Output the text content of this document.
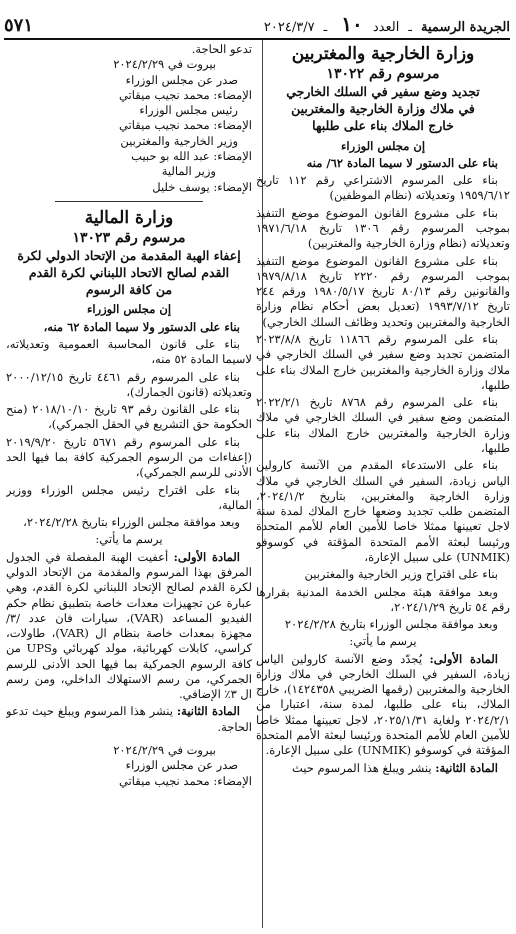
الجريدة الرسمية ـ العدد ١٠ ـ ٢٠٢٤/٣/٧
٥٧١
وزارة الخارجية والمغتربين
مرسوم رقم ١٣٠٢٢
تجديد وضع سفير في السلك الخارجي
في ملاك وزارة الخارجية والمغتربين
خارج الملاك بناء على طلبها

إن مجلس الوزراء

بناء على الدستور لا سيما المادة ٦٢/ منه

بناء على المرسوم الاشتراعي رقم ١١٢ تاريخ ١٩٥٩/٦/١٢ وتعديلاته (نظام الموظفين)

بناء على مشروع القانون الموضوع موضع التنفيذ بموجب المرسوم رقم ١٣٠٦ تاريخ ١٩٧١/٦/١٨ وتعديلاته (نظام وزارة الخارجية والمغتربين)

بناء على مشروع القانون الموضوع موضع التنفيذ بموجب المرسوم رقم ٢٢٢٠ تاريخ ١٩٧٩/٨/١٨ والقانونين رقم ٨٠/١٣ تاريخ ١٩٨٠/٥/١٧ ورقم ٢٤٤ تاريخ ١٩٩٣/٧/١٢ (تعديل بعض أحكام نظام وزارة الخارجية والمغتربين وتحديد وظائف السلك الخارجي)

بناء على المرسوم رقم ١١٨٦٦ تاريخ ٢٠٢٣/٨/٨ المتضمن تجديد وضع سفير في السلك الخارجي في ملاك وزارة الخارجية والمغتربين خارج الملاك بناء على طلبها،

بناء على المرسوم رقم ٨٧٦٨ تاريخ ٢٠٢٢/٢/١ المتضمن وضع سفير في السلك الخارجي في ملاك وزارة الخارجية والمغتربين خارج الملاك بناء على طلبها،

بناء على الاستدعاء المقدم من الآنسة كارولين الياس زيادة، السفير في السلك الخارجي في ملاك وزارة الخارجية والمغتربين، بتاريخ ٢٠٢٤/١/٢، المتضمن طلب تجديد وضعها خارج الملاك لمدة سنة لاجل تعيينها ممثلا خاصا للأمين العام للأمم المتحدة ورئيسا لبعثة الأمم المتحدة المؤقتة في كوسوفو (UNMIK) على سبيل الإعارة،

بناء على اقتراح وزير الخارجية والمغتربين

وبعد موافقة هيئة مجلس الخدمة المدنية بقرارها رقم ٥٤ تاريخ ٢٠٢٤/١/٢٩،

وبعد موافقة مجلس الوزراء بتاريخ ٢٠٢٤/٢/٢٨

يرسم ما يأتي:

المادة الأولى: يُجدّد وضع الآنسة كارولين الياس زيادة، السفير في السلك الخارجي في ملاك وزارة الخارجية والمغتربين (رقمها الضريبي ١٤٢٤٣٥٨)، خارج الملاك، بناء على طلبها، لمدة سنة، اعتبارا من ٢٠٢٤/٢/١ ولغاية ٢٠٢٥/١/٣١، لاجل تعيينها ممثلا خاصا للأمين العام للأمم المتحدة ورئيسا لبعثة الأمم المتحدة المؤقتة في كوسوفو (UNMIK) على سبيل الإعارة.

المادة الثانية: ينشر ويبلغ هذا المرسوم حيث

تدعو الحاجة.

بيروت في ٢٠٢٤/٢/٢٩

صدر عن مجلس الوزراء

الإمضاء: محمد نجيب ميقاتي

رئيس مجلس الوزراء

الإمضاء: محمد نجيب ميقاتي

وزير الخارجية والمغتربين

الإمضاء: عبد الله بو حبيب

وزير المالية

الإمضاء: يوسف خليل

وزارة المالية
مرسوم رقم ١٣٠٢٣
إعفاء الهبة المقدمة من الإتحاد الدولي لكرة
القدم لصالح الاتحاد اللبناني لكرة القدم
من كافة الرسوم

إن مجلس الوزراء

بناء على الدستور ولا سيما المادة ٦٢ منه،

بناء على قانون المحاسبة العمومية وتعديلاته، لاسيما المادة ٥٢ منه،

بناء على المرسوم رقم ٤٤٦١ تاريخ ٢٠٠٠/١٢/١٥ وتعديلاته (قانون الجمارك)،

بناء على القانون رقم ٩٣ تاريخ ٢٠١٨/١٠/١٠ (منح الحكومة حق التشريع في الحقل الجمركي)،

بناء على المرسوم رقم ٥٦٧١ تاريخ ٢٠١٩/٩/٢٠ (إعفاءات من الرسوم الجمركية كافة بما فيها الحد الأدنى للرسم الجمركي)،

بناء على اقتراح رئيس مجلس الوزراء ووزير المالية،

وبعد موافقة مجلس الوزراء بتاريخ ٢٠٢٤/٢/٢٨،

يرسم ما يأتي:

المادة الأولى: أعفيت الهبة المفصلة في الجدول المرفق بهذا المرسوم والمقدمة من الإتحاد الدولي لكرة القدم لصالح الإتحاد اللبناني لكرة القدم، وهي عبارة عن تجهيزات معدات خاصة بتطبيق نظام حكم الفيديو المساعد (VAR)، سيارات فان عدد /٣/ مجهزة بمعدات خاصة بنظام ال (VAR)، طاولات، كراسي، كابلات كهربائية، مولد كهربائي وUPS من كافة الرسوم الجمركية بما فيها الحد الأدنى للرسم الجمركي، من رسم الاستهلاك الداخلي، ومن رسم ال ٣٪ الإضافي.

المادة الثانية: ينشر هذا المرسوم ويبلغ حيث تدعو الحاجة.

بيروت في ٢٠٢٤/٢/٢٩

صدر عن مجلس الوزراء

الإمضاء: محمد نجيب ميقاتي
